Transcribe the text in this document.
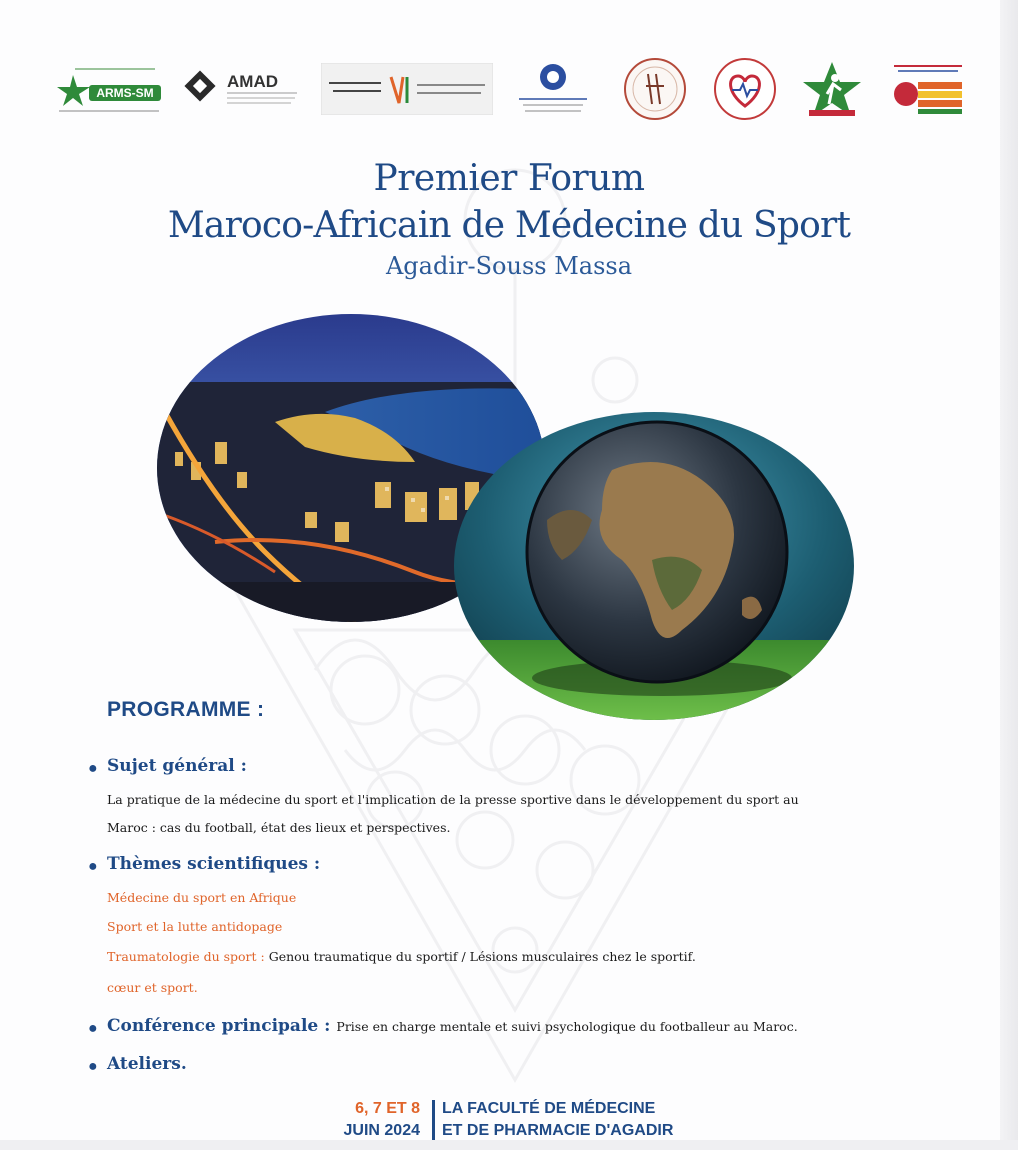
ARMS-SM
AMAD
Premier Forum
Maroco-Africain de Médecine du Sport
Agadir-Souss Massa
PROGRAMME :
● Sujet général :
La pratique de la médecine du sport et l'implication de la presse sportive dans le développement du sport au
Maroc : cas du football, état des lieux et perspectives.
● Thèmes scientifiques :
Médecine du sport en Afrique
Sport et la lutte antidopage
Traumatologie du sport : Genou traumatique du sportif / Lésions musculaires chez le sportif.
cœur et sport.
● Conférence principale : Prise en charge mentale et suivi psychologique du footballeur au Maroc.
● Ateliers.
6, 7 ET 8
JUIN 2024
LA FACULTÉ DE MÉDECINE
ET DE PHARMACIE D'AGADIR
